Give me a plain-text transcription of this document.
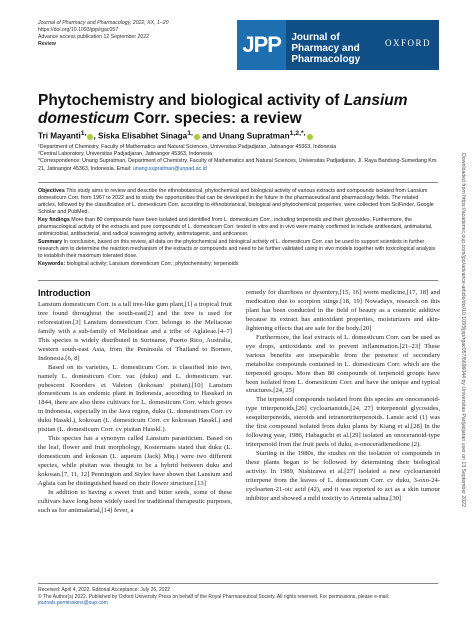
Journal of Pharmacy and Pharmacology, 2022, XX, 1–20
https://doi.org/10.1093/jpp/rgac057
Advance access publication 12 September 2022
Review	JPP	Journal of Pharmacy and Pharmacology
OXFORD
Phytochemistry and biological activity of Lansium domesticum Corr. species: a review
Tri Mayanti$^{1,}$ , Siska Elisabhet Sinaga$^{1,}$ and Unang Supratman$^{1,2,*,}$
¹Department of Chemistry, Faculty of Mathematics and Natural Sciences, Universitas Padjadjaran, Jatinangor 45363, Indonesia
²Central Laboratory, Universitas Padjadjaran, Jatinangor 45363, Indonesia
*Correspondence: Unang Supratman, Department of Chemistry, Faculty of Mathematics and Natural Sciences, Universitas Padjadjaran, Jl. Raya Bandung-Sumedang Km. 21, Jatinangor 45363, Indonesia. Email: unang.supratman@unpad.ac.id

Objectives This study aims to review and describe the ethnobotanical, phytochemical and biological activity of various extracts and compounds isolated from Lansium domesticum Corr. from 1967 to 2022 and to study the opportunities that can be developed in the future in the pharmaceutical and pharmacology fields. The related articles, followed by the classification of L. domesticum Corr. according to ethnobotanical, biological and phytochemical properties, were collected from SciFinder, Google Scholar and PubMed.

Key findings More than 80 compounds have been isolated and identified from L. domesticum Corr., including terpenoids and their glycosides. Furthermore, the pharmacological activity of the extracts and pure compounds of L. domesticum Corr. tested in vitro and in vivo were mainly confirmed to include antifeedant, antimalarial, antimicrobial, antibacterial, and radical scavenging activity, antimutagenic, and anticancer.

Summary In conclusion, based on this review, all data on the phytochemical and biological activity of L. domesticum Corr. can be used to support scientists in further research aim to determine the reaction mechanism of the extracts or compounds and need to be further validated using in vivo models together with toxicological analysis to establish their maximum tolerated dose.

Keywords: biological activity; Lansium domesticum Corr.; phytochemistry; terpenoids

Introduction

Lansium domesticum Corr. is a tall tree-like gum plant,[1] a tropical fruit tree found throughout the south-east[2] and the tree is used for reforestation.[3] Lansium domesticum Corr. belongs to the Meliaceae family with a sub-family of Melioideae and a tribe of Aglaieae.[4–7] This species is widely distributed in Suriname, Puerto Rico, Australia, western south-east Asia, from the Peninsula of Thailand to Borneo, Indonesia.[6, 8]

Based on its varieties, L. domesticum Corr. is classified into two, namely L. domesticum Corr. var. (duku) and L. domesticum var. pubescent Koorders et Valeton (kokosan/ pisitan).[10] Lansium domesticum is an endemic plant in Indonesia, according to Hasskarl in 1844, there are also three cultivars for L. domesticum Corr. which grows in Indonesia, especially in the Java region, duku (L. domesticum Corr. cv duku Hasskl.), kokosan (L. domesticum Corr. cv kokossan Hasskl.) and pisitan (L. domesticum Corr. cv pisitan Hasskl.).

This species has a synonym called Lansium parasiticum. Based on the leaf, flower and fruit morphology, Kostermans stated that duku (L. domesticum and kokosan (L. aqueum (Jack) Miq.) were two different species, while pisitan was thought to be a hybrid between duku and kokosan.[7, 11, 12] Pennington and Styles have shown that Lansium and Aglaia can be distinguished based on their flower structure.[13]

In addition to having a sweet fruit and bitter seeds, some of these cultivars have long been widely used for traditional therapeutic purposes, such as for antimalarial,[14] fever, a

remedy for diarrhoea or dysentery,[15, 16] worm medicine,[17, 18] and medication due to scorpion stings.[18, 19] Nowadays, research on this plant has been conducted in the field of beauty as a cosmetic additive because its extract has antioxidant properties, moisturizers and skin-lightening effects that are safe for the body.[20]

Furthermore, the leaf extracts of L. domesticum Corr. can be used as eye drops, antioxidants and to prevent inflammation.[21–23] These various benefits are inseparable from the presence of secondary metabolite compounds contained in L. domesticum Corr. which are the terpenoid groups. More than 80 compounds of terpenoid groups have been isolated from L. domesticum Corr. and have the unique and typical structures.[24, 25]

The terpenoid compounds isolated from this species are onoceranoid-type triterpenoids,[26] cycloartanoids,[24, 27] triterpenoid glycosides, sesquiterpenoids, steroids and tetranortriterpenoids. Lansic acid (1) was the first compound isolated from duku plants by Kiang et al.[28] In the following year, 1986, Habaguchi et al.[29] isolated an onoceranoid-type triterpenoid from the fruit peels of duku, α-onoceradienedione (2).

Starting in the 1980s, the studies on the isolation of compounds in these plants began to be followed by determining their biological activity. In 1989, Nishizawa et al.[27] isolated a new cycloartanoid triterpene from the leaves of L. domesticum Corr. cv duku, 3-oxo-24-cycloarten-21-oic acid (42), and it was reported to act as a skin tumour inhibitor and showed a mild toxicity to Artemia salina.[30]

Received: April 4, 2022. Editorial Acceptance: July 26, 2022
© The Author(s) 2022. Published by Oxford University Press on behalf of the Royal Pharmaceutical Society. All rights reserved. For permissions, please e-mail: journals.permissions@oup.com
Downloaded from https://academic.oup.com/jpp/advance-article/doi/10.1093/jpp/rgac057/6696044 by Universitas Padjadjaran user on 13 September 2022
